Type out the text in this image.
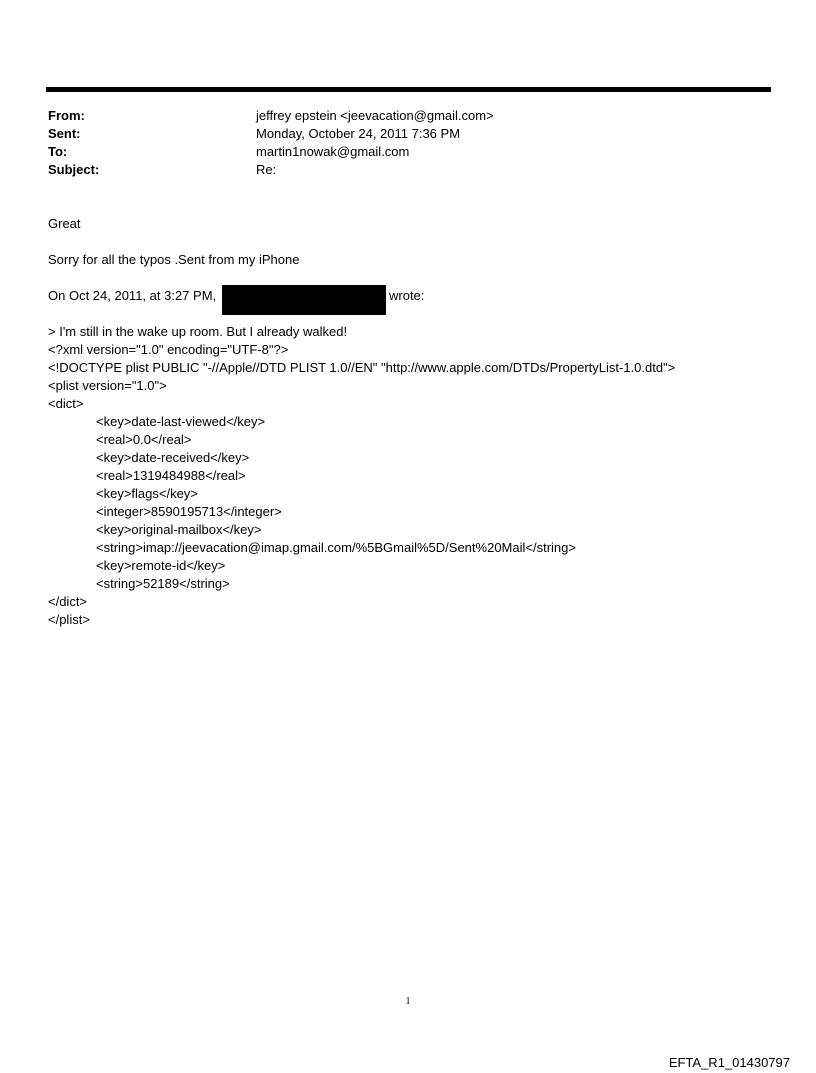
From:	jeffrey epstein <jeevacation@gmail.com>
Sent:	Monday, October 24, 2011 7:36 PM
To:	martin1nowak@gmail.com
Subject:	Re:
Great
Sorry for all the typos .Sent from my iPhone
On Oct 24, 2011, at 3:27 PM,	wrote:
> I'm still in the wake up room. But I already walked!
<?xml version="1.0" encoding="UTF-8"?>
<!DOCTYPE plist PUBLIC "-//Apple//DTD PLIST 1.0//EN" "http://www.apple.com/DTDs/PropertyList-1.0.dtd">
<plist version="1.0">
<dict>
<key>date-last-viewed</key>
<real>0.0</real>
<key>date-received</key>
<real>1319484988</real>
<key>flags</key>
<integer>8590195713</integer>
<key>original-mailbox</key>
<string>imap://jeevacation@imap.gmail.com/%5BGmail%5D/Sent%20Mail</string>
<key>remote-id</key>
<string>52189</string>
</dict>
</plist>
1
EFTA_R1_01430797
